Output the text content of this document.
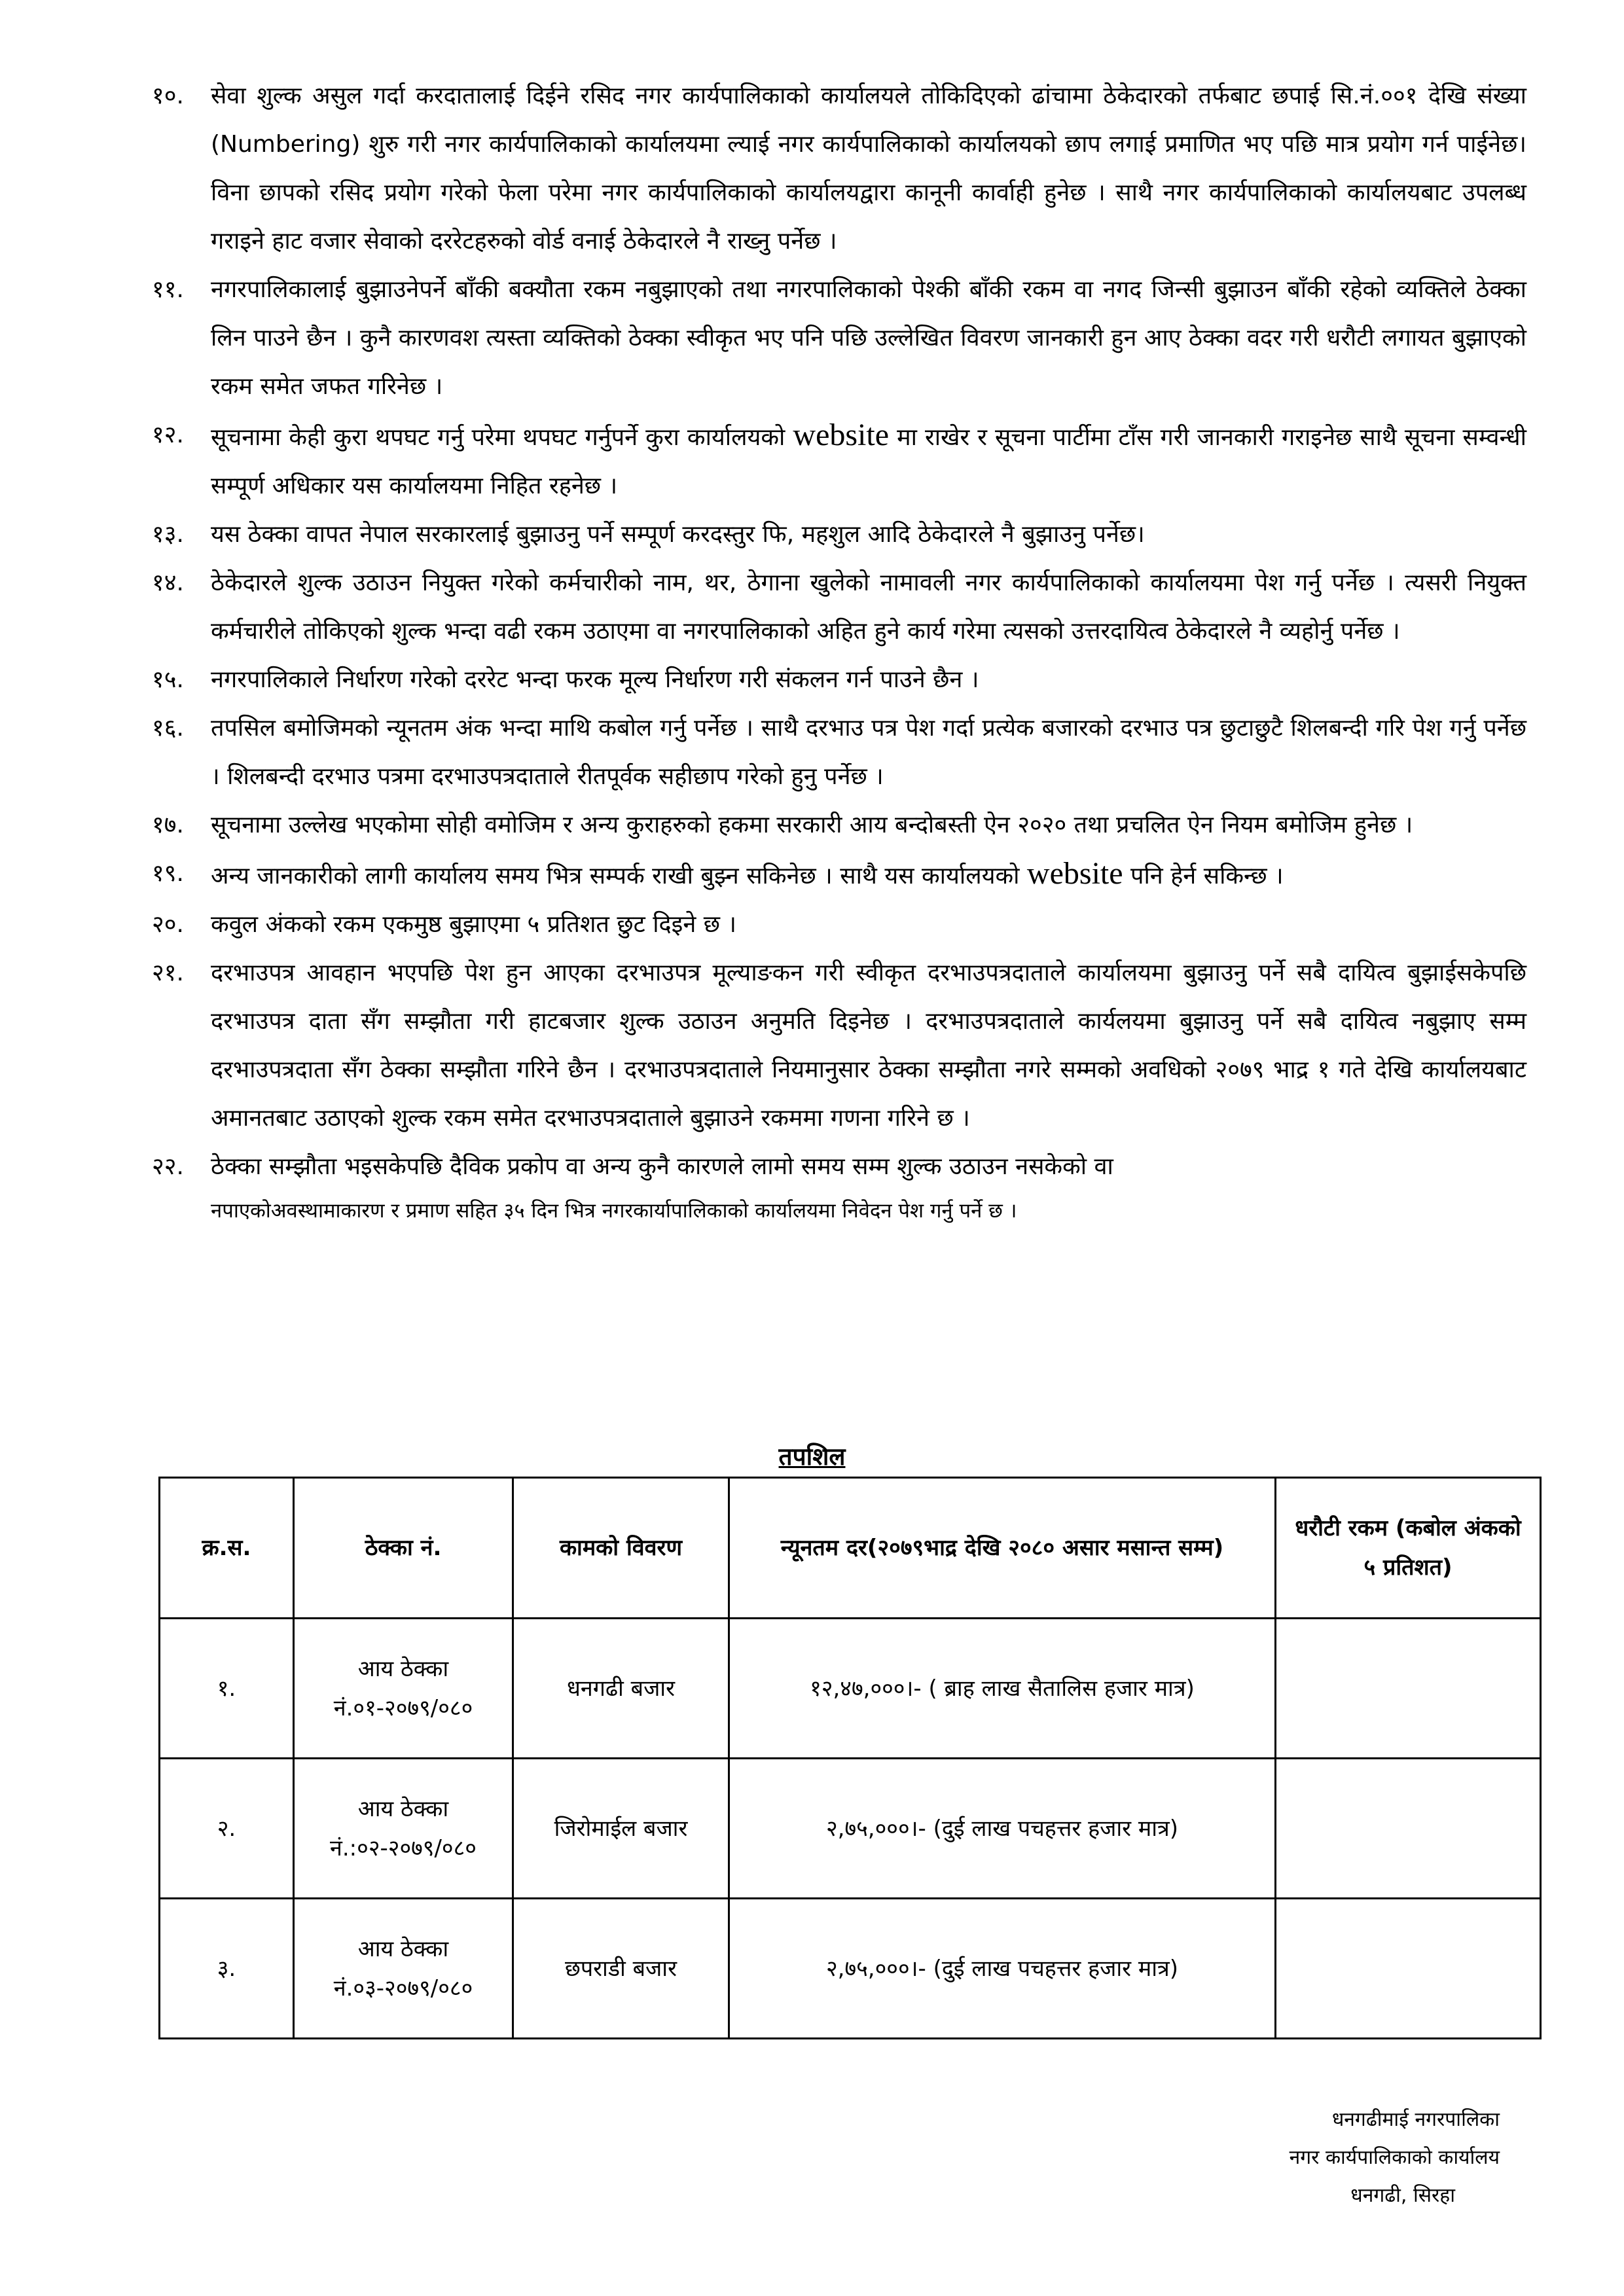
१०. सेवा शुल्क असुल गर्दा करदातालाई दिईने रसिद नगर कार्यपालिकाको कार्यालयले तोकिदिएको ढांचामा ठेकेदारको तर्फबाट छपाई सि.नं.००१ देखि संख्या (Numbering) शुरु गरी नगर कार्यपालिकाको कार्यालयमा ल्याई नगर कार्यपालिकाको कार्यालयको छाप लगाई प्रमाणित भए पछि मात्र प्रयोग गर्न पाईनेछ। विना छापको रसिद प्रयोग गरेको फेला परेमा नगर कार्यपालिकाको कार्यालयद्वारा कानूनी कार्वाही हुनेछ । साथै नगर कार्यपालिकाको कार्यालयबाट उपलब्ध गराइने हाट वजार सेवाको दररेटहरुको वोर्ड वनाई ठेकेदारले नै राख्नु पर्नेछ ।
११. नगरपालिकालाई बुझाउनेपर्ने बाँकी बक्यौता रकम नबुझाएको तथा नगरपालिकाको पेश्की बाँकी रकम वा नगद जिन्सी बुझाउन बाँकी रहेको व्यक्तिले ठेक्का लिन पाउने छैन । कुनै कारणवश त्यस्ता व्यक्तिको ठेक्का स्वीकृत भए पनि पछि उल्लेखित विवरण जानकारी हुन आए ठेक्का वदर गरी धरौटी लगायत बुझाएको रकम समेत जफत गरिनेछ ।
१२. सूचनामा केही कुरा थपघट गर्नु परेमा थपघट गर्नुपर्ने कुरा कार्यालयको website मा राखेर र सूचना पार्टीमा टाँस गरी जानकारी गराइनेछ साथै सूचना सम्वन्धी सम्पूर्ण अधिकार यस कार्यालयमा निहित रहनेछ ।
१३. यस ठेक्का वापत नेपाल सरकारलाई बुझाउनु पर्ने सम्पूर्ण करदस्तुर फि, महशुल आदि ठेकेदारले नै बुझाउनु पर्नेछ।
१४. ठेकेदारले शुल्क उठाउन नियुक्त गरेको कर्मचारीको नाम, थर, ठेगाना खुलेको नामावली नगर कार्यपालिकाको कार्यालयमा पेश गर्नु पर्नेछ । त्यसरी नियुक्त कर्मचारीले तोकिएको शुल्क भन्दा वढी रकम उठाएमा वा नगरपालिकाको अहित हुने कार्य गरेमा त्यसको उत्तरदायित्व ठेकेदारले नै व्यहोर्नु पर्नेछ ।
१५. नगरपालिकाले निर्धारण गरेको दररेट भन्दा फरक मूल्य निर्धारण गरी संकलन गर्न पाउने छैन ।
१६. तपसिल बमोजिमको न्यूनतम अंक भन्दा माथि कबोल गर्नु पर्नेछ । साथै दरभाउ पत्र पेश गर्दा प्रत्येक बजारको दरभाउ पत्र छुटाछुटै शिलबन्दी गरि पेश गर्नु पर्नेछ । शिलबन्दी दरभाउ पत्रमा दरभाउपत्रदाताले रीतपूर्वक सहीछाप गरेको हुनु पर्नेछ ।
१७. सूचनामा उल्लेख भएकोमा सोही वमोजिम र अन्य कुराहरुको हकमा सरकारी आय बन्दोबस्ती ऐन २०२० तथा प्रचलित ऐन नियम बमोजिम हुनेछ ।
१९. अन्य जानकारीको लागी कार्यालय समय भित्र सम्पर्क राखी बुझ्न सकिनेछ । साथै यस कार्यालयको website पनि हेर्न सकिन्छ ।
२०. कवुल अंकको रकम एकमुष्ठ बुझाएमा ५ प्रतिशत छुट दिइने छ ।
२१. दरभाउपत्र आवहान भएपछि पेश हुन आएका दरभाउपत्र मूल्याङकन गरी स्वीकृत दरभाउपत्रदाताले कार्यालयमा बुझाउनु पर्ने सबै दायित्व बुझाईसकेपछि दरभाउपत्र दाता सँग सम्झौता गरी हाटबजार शुल्क उठाउन अनुमति दिइनेछ । दरभाउपत्रदाताले कार्यलयमा बुझाउनु पर्ने सबै दायित्व नबुझाए सम्म दरभाउपत्रदाता सँग ठेक्का सम्झौता गरिने छैन । दरभाउपत्रदाताले नियमानुसार ठेक्का सम्झौता नगरे सम्मको अवधिको २०७९ भाद्र १ गते देखि कार्यालयबाट अमानतबाट उठाएको शुल्क रकम समेत दरभाउपत्रदाताले बुझाउने रकममा गणना गरिने छ ।
२२. ठेक्का सम्झौता भइसकेपछि दैविक प्रकोप वा अन्य कुनै कारणले लामो समय सम्म शुल्क उठाउन नसकेको वा
नपाएकोअवस्थामाकारण र प्रमाण सहित ३५ दिन भित्र नगरकार्यापालिकाको कार्यालयमा निवेदन पेश गर्नु पर्ने छ ।
तपशिल
क्र.स.	ठेक्का नं.	कामको विवरण	न्यूनतम दर(२०७९भाद्र देखि २०८० असार मसान्त सम्म)	धरौटी रकम (कबोल अंकको ५ प्रतिशत)
१.	आय ठेक्का नं.०१-२०७९/०८०	धनगढी बजार	१२,४७,०००।- ( ब्राह लाख सैतालिस हजार मात्र)	
२.	आय ठेक्का नं.:०२-२०७९/०८०	जिरोमाईल बजार	२,७५,०००।- (दुई लाख पचहत्तर हजार मात्र)	
३.	आय ठेक्का नं.०३-२०७९/०८०	छपराडी बजार	२,७५,०००।- (दुई लाख पचहत्तर हजार मात्र)	
धनगढीमाई नगरपालिका
नगर कार्यपालिकाको कार्यालय
धनगढी, सिरहा
